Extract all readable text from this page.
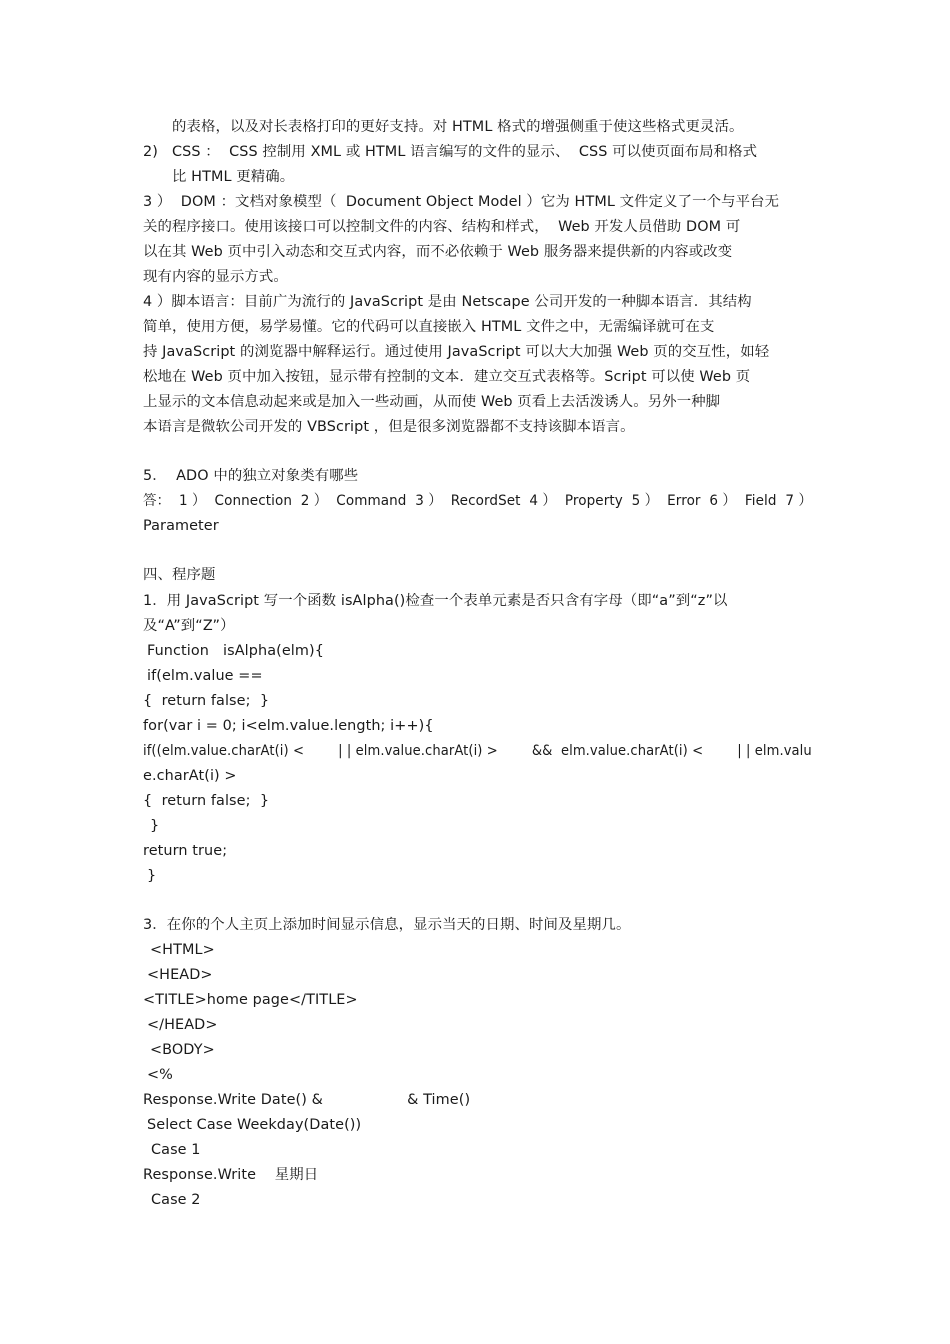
的表格，以及对长表格打印的更好支持。对 HTML 格式的增强侧重于使这些格式更灵活。
2)   CSS ：  CSS 控制用 XML 或 HTML 语言编写的文件的显示、  CSS 可以使页面布局和格式
比 HTML 更精确。
3 ）  DOM ：文档对象模型（  Document Object Model ）它为 HTML 文件定义了一个与平台无
关的程序接口。使用该接口可以控制文件的内容、结构和样式，  Web 开发人员借助 DOM 可
以在其 Web 页中引入动态和交互式内容，而不必依赖于 Web 服务器来提供新的内容或改变
现有内容的显示方式。
4 ）脚本语言：目前广为流行的 JavaScript 是由 Netscape 公司开发的一种脚本语言．其结构
简单，使用方便，易学易懂。它的代码可以直接嵌入 HTML 文件之中，无需编译就可在支
持 JavaScript 的浏览器中解释运行。通过使用 JavaScript 可以大大加强 Web 页的交互性，如轻
松地在 Web 页中加入按钮，显示带有控制的文本．建立交互式表格等。Script 可以使 Web 页
上显示的文本信息动起来或是加入一些动画，从而使 Web 页看上去活泼诱人。另外一种脚
本语言是微软公司开发的 VBScript ，但是很多浏览器都不支持该脚本语言。
5．  ADO 中的独立对象类有哪些
答：  1 ）  Connection  2 ）  Command  3 ）  RecordSet  4 ）  Property  5 ）  Error  6 ）  Field  7 ）
Parameter
四、程序题
1．用 JavaScript 写一个函数 isAlpha()检查一个表单元素是否只含有字母（即“a”到“z”以
及“A”到“Z”）
Function   isAlpha(elm){
if(elm.value ==
{  return false;  }
for(var i = 0; i<elm.value.length; i++){
if((elm.value.charAt(i) <        | | elm.value.charAt(i) >        &&  elm.value.charAt(i) <        | | elm.valu
e.charAt(i) >
{  return false;  }
}
return true;
}
3．在你的个人主页上添加时间显示信息，显示当天的日期、时间及星期几。
<HTML>
<HEAD>
<TITLE>home page</TITLE>
</HEAD>
<BODY>
<%
Response.Write Date() &                  & Time()
Select Case Weekday(Date())
Case 1
Response.Write    星期日
Case 2
